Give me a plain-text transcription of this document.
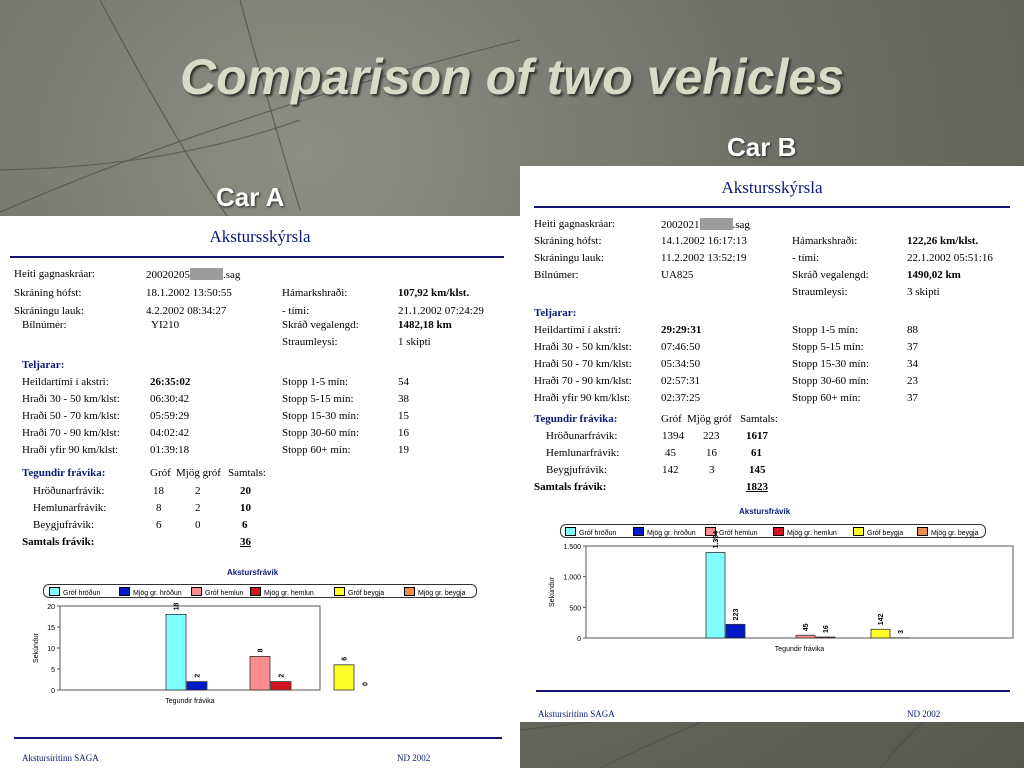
Comparison of two vehicles
Car B
Car A
Akstursskýrsla
Heiti gagnaskráar:	20020205	.sag
Skráning hófst:	18.1.2002 13:50:55	Hámarkshraði:	107,92 km/klst.
Skráningu lauk:	4.2.2002 08:34:27	- tími:	21.1.2002 07:24:29
Bílnúmer:	YI210	Skráð vegalengd:	1482,18 km
Straumleysi:	1 skipti
Teljarar:
Heildartími í akstri:	26:35:02	Stopp 1-5 mín:	54
Hraði 30 - 50 km/klst:	06:30:42	Stopp 5-15 mín:	38
Hraði 50 - 70 km/klst:	05:59:29	Stopp 15-30 mín:	15
Hraði 70 - 90 km/klst:	04:02:42	Stopp 30-60 mín:	16
Hraði yfir 90 km/klst:	01:39:18	Stopp 60+ mín:	19
Tegundir frávika:	Gróf Mjög gróf Samtals:
Hröðunarfrávik:	18	2	20
Hemlunarfrávik:	8	2	10
Beygjufrávik:	6	0	6
Samtals frávik:	36
Akstursfrávik
Gróf hröðun	Mjög gr. hröðun	Gróf hemlun	Mjög gr. hemlun	Gróf beygja	Mjög gr. beygja
0
5
10
15
20
Sekúndur
18
2
8
2
6
0
Tegundir frávika
Akstursíritinn SAGA	ND 2002
Akstursskýrsla
Heiti gagnaskráar:	2002021	.sag
Skráning hófst:	14.1.2002 16:17:13	Hámarkshraði:	122,26 km/klst.
Skráningu lauk:	11.2.2002 13:52:19	- tími:	22.1.2002 05:51:16
Bílnúmer:	UA825	Skráð vegalengd:	1490,02 km
Straumleysi:	3 skipti
Teljarar:
Heildartími í akstri:	29:29:31	Stopp 1-5 mín:	88
Hraði 30 - 50 km/klst:	07:46:50	Stopp 5-15 mín:	37
Hraði 50 - 70 km/klst:	05:34:50	Stopp 15-30 mín:	34
Hraði 70 - 90 km/klst:	02:57:31	Stopp 30-60 mín:	23
Hraði yfir 90 km/klst:	02:37:25	Stopp 60+ mín:	37
Tegundir frávika:	Gróf Mjög gróf Samtals:
Hröðunarfrávik:	1394 223 1617
Hemlunarfrávik:	45	16	61
Beygjufrávik:	142	3	145
Samtals frávik:	1823
Akstursfrávik
Gróf hröðun	Mjög gr. hröðun	Gróf hemlun	Mjög gr. hemlun	Gróf beygja	Mjög gr. beygja
0
500
1.000
1.500
Sekúndur
1.394
223
45 16
142
3
Tegundir frávika
Akstursíritinn SAGA	ND 2002
